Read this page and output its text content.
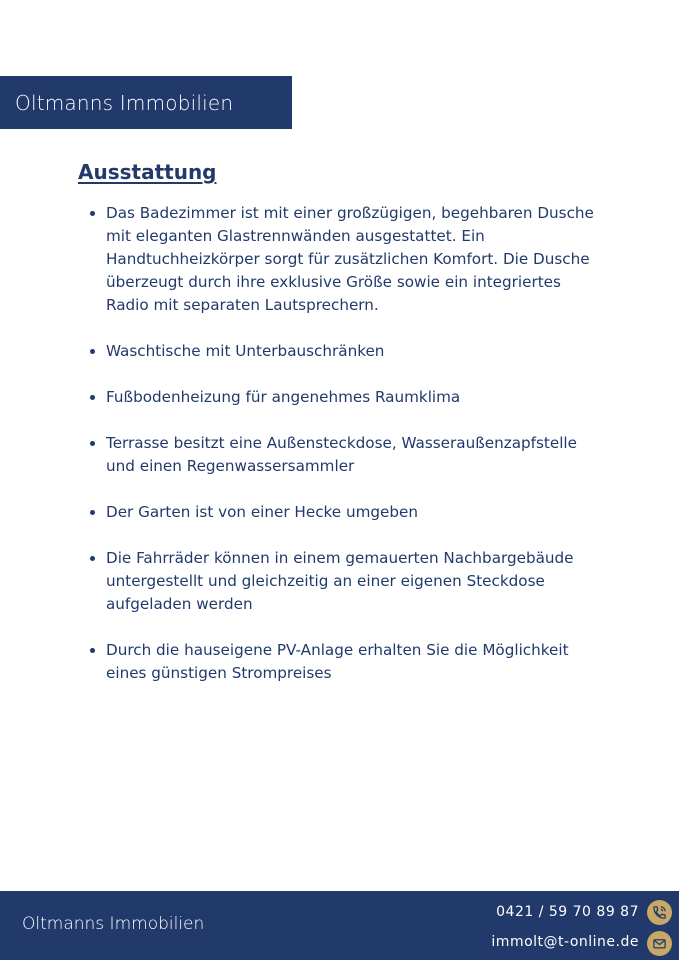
Oltmanns Immobilien
Ausstattung
Das Badezimmer ist mit einer großzügigen, begehbaren Dusche mit eleganten Glastrennwänden ausgestattet. Ein Handtuchheizkörper sorgt für zusätzlichen Komfort. Die Dusche überzeugt durch ihre exklusive Größe sowie ein integriertes Radio mit separaten Lautsprechern.
Waschtische mit Unterbauschränken
Fußbodenheizung für angenehmes Raumklima
Terrasse besitzt eine Außensteckdose, Wasseraußenzapfstelle und einen Regenwassersammler
Der Garten ist von einer Hecke umgeben
Die Fahrräder können in einem gemauerten Nachbargebäude untergestellt und gleichzeitig an einer eigenen Steckdose aufgeladen werden
Durch die hauseigene PV-Anlage erhalten Sie die Möglichkeit eines günstigen Strompreises
Oltmanns Immobilien
0421 / 59 70 89 87
immolt@t-online.de
